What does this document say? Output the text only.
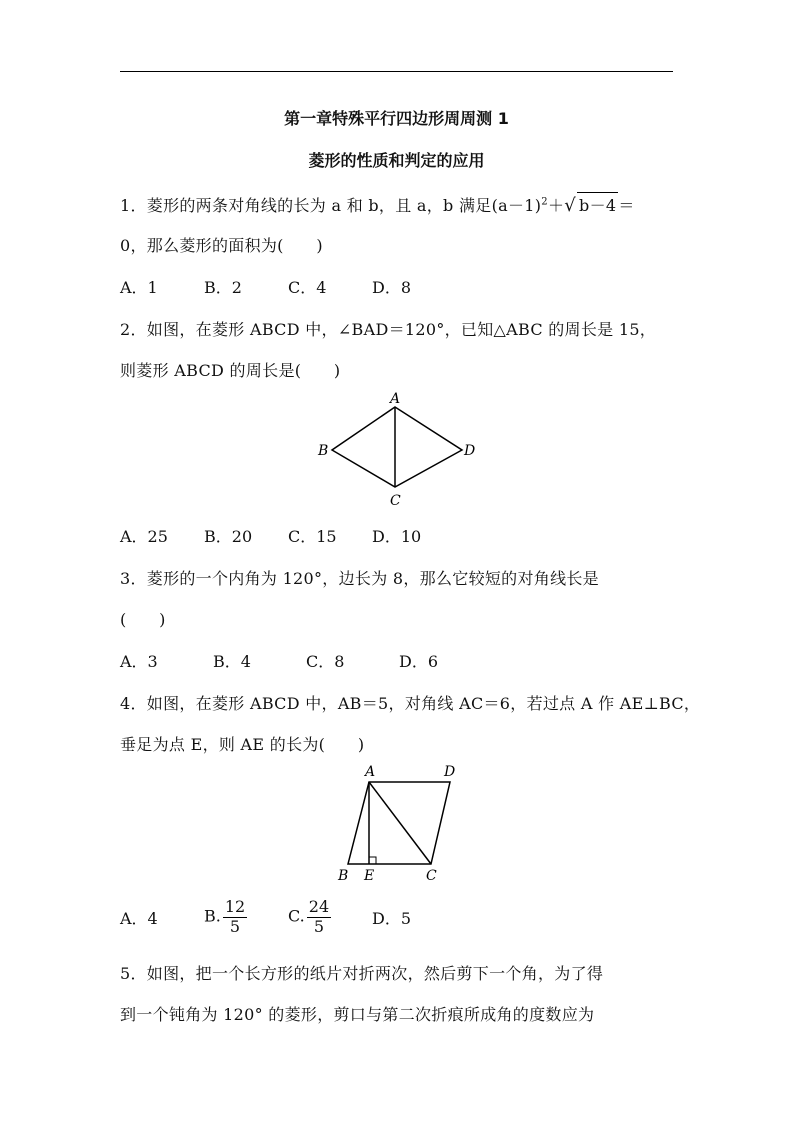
第一章特殊平行四边形周周测 1
菱形的性质和判定的应用
1．菱形的两条对角线的长为 a 和 b，且 a，b 满足$(a-1)^2+√$ b－4 ＝
0，那么菱形的面积为(　　)
A．1	B．2	C．4	D．8
2．如图，在菱形 ABCD 中，∠BAD＝120°，已知△ABC 的周长是 15，
则菱形 ABCD 的周长是(　　)
A
B
C
D
A．25 B．20 C．15 D．10
3．菱形的一个内角为 120°，边长为 8，那么它较短的对角线长是
(　　)
A．3	B．4	C．8	D．6
4．如图，在菱形 ABCD 中，AB＝5，对角线 AC＝6，若过点 A 作 AE⊥BC，
垂足为点 E，则 AE 的长为(　　)
A	D
B E	C
A．4	B. $\frac{12}{5}$	C. $\frac{24}{5}$	D．5
5．如图，把一个长方形的纸片对折两次，然后剪下一个角，为了得
到一个钝角为 120° 的菱形，剪口与第二次折痕所成角的度数应为
